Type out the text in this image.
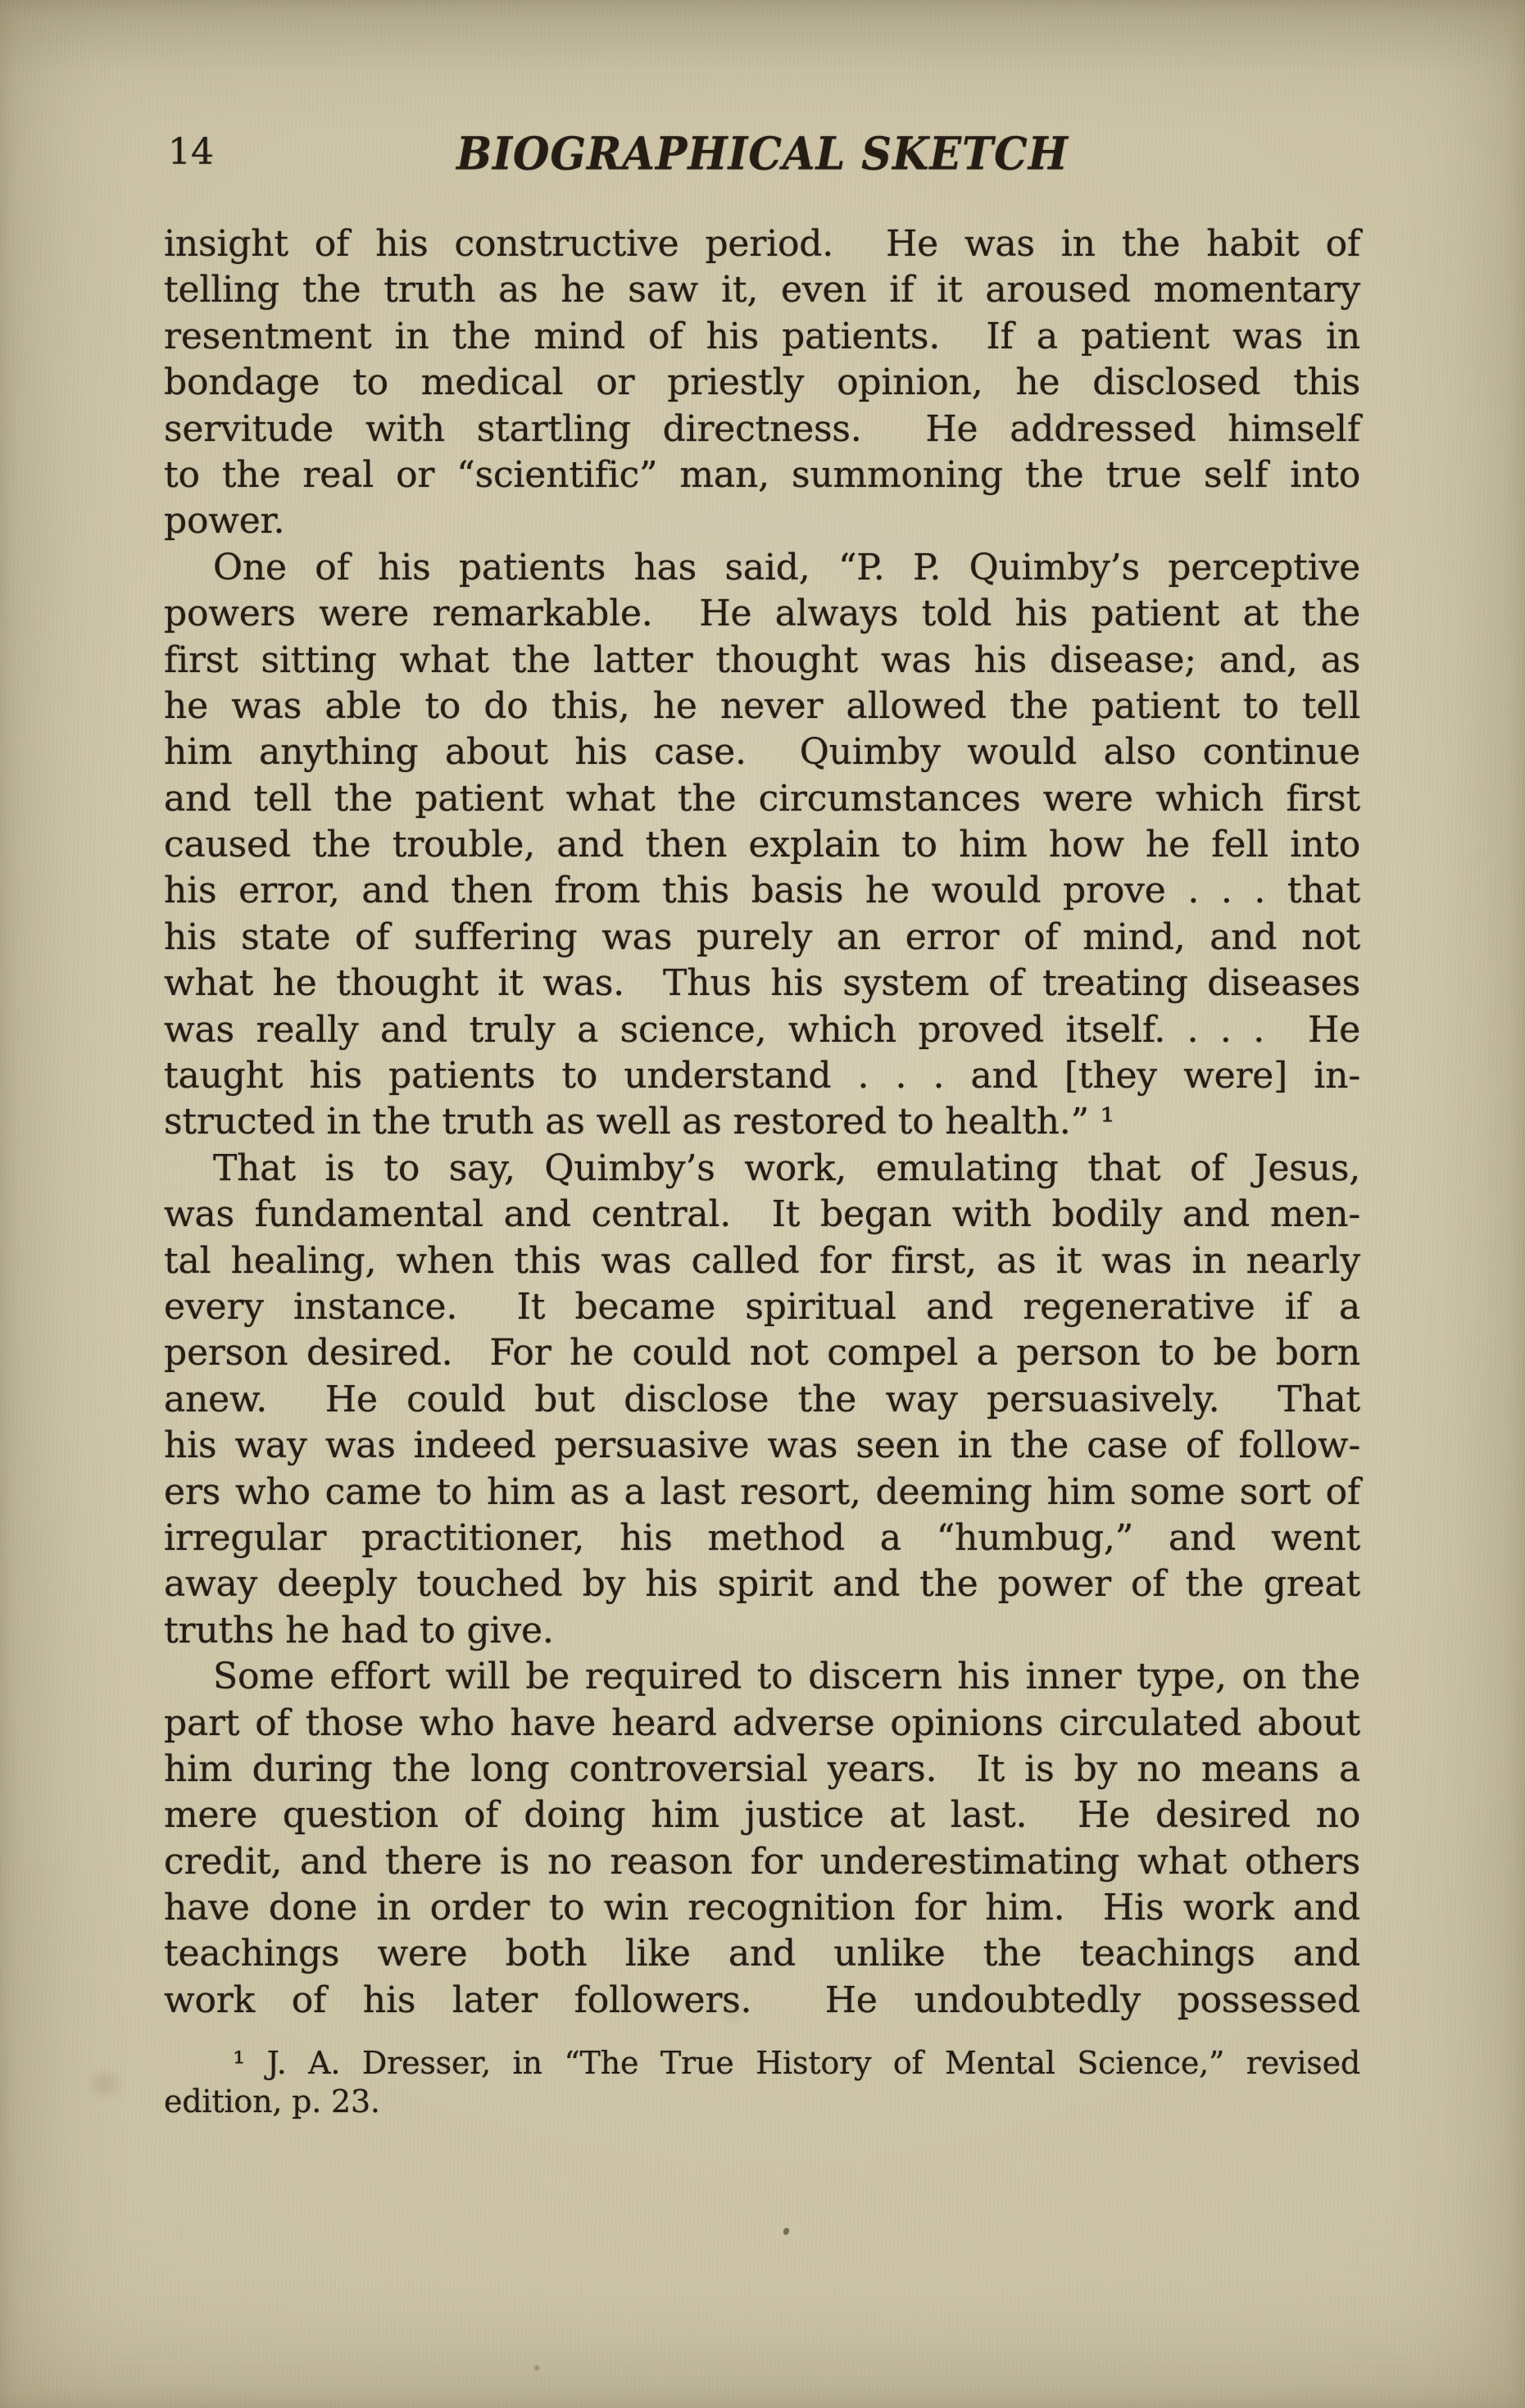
14	BIOGRAPHICAL SKETCH
insight of his constructive period.  He was in the habit of
telling the truth as he saw it, even if it aroused momentary
resentment in the mind of his patients.  If a patient was in
bondage to medical or priestly opinion, he disclosed this
servitude with startling directness.  He addressed himself
to the real or “scientific” man, summoning the true self into
power.
One of his patients has said, “P. P. Quimby’s perceptive
powers were remarkable.  He always told his patient at the
first sitting what the latter thought was his disease; and, as
he was able to do this, he never allowed the patient to tell
him anything about his case.  Quimby would also continue
and tell the patient what the circumstances were which first
caused the trouble, and then explain to him how he fell into
his error, and then from this basis he would prove . . . that
his state of suffering was purely an error of mind, and not
what he thought it was.  Thus his system of treating diseases
was really and truly a science, which proved itself. . . .  He
taught his patients to understand . . . and [they were] in-
structed in the truth as well as restored to health.” ¹
That is to say, Quimby’s work, emulating that of Jesus,
was fundamental and central.  It began with bodily and men-
tal healing, when this was called for first, as it was in nearly
every instance.  It became spiritual and regenerative if a
person desired.  For he could not compel a person to be born
anew.  He could but disclose the way persuasively.  That
his way was indeed persuasive was seen in the case of follow-
ers who came to him as a last resort, deeming him some sort of
irregular practitioner, his method a “humbug,” and went
away deeply touched by his spirit and the power of the great
truths he had to give.
Some effort will be required to discern his inner type, on the
part of those who have heard adverse opinions circulated about
him during the long controversial years.  It is by no means a
mere question of doing him justice at last.  He desired no
credit, and there is no reason for underestimating what others
have done in order to win recognition for him.  His work and
teachings were both like and unlike the teachings and
work of his later followers.  He undoubtedly possessed
¹ J. A. Dresser, in “The True History of Mental Science,” revised
edition, p. 23.
